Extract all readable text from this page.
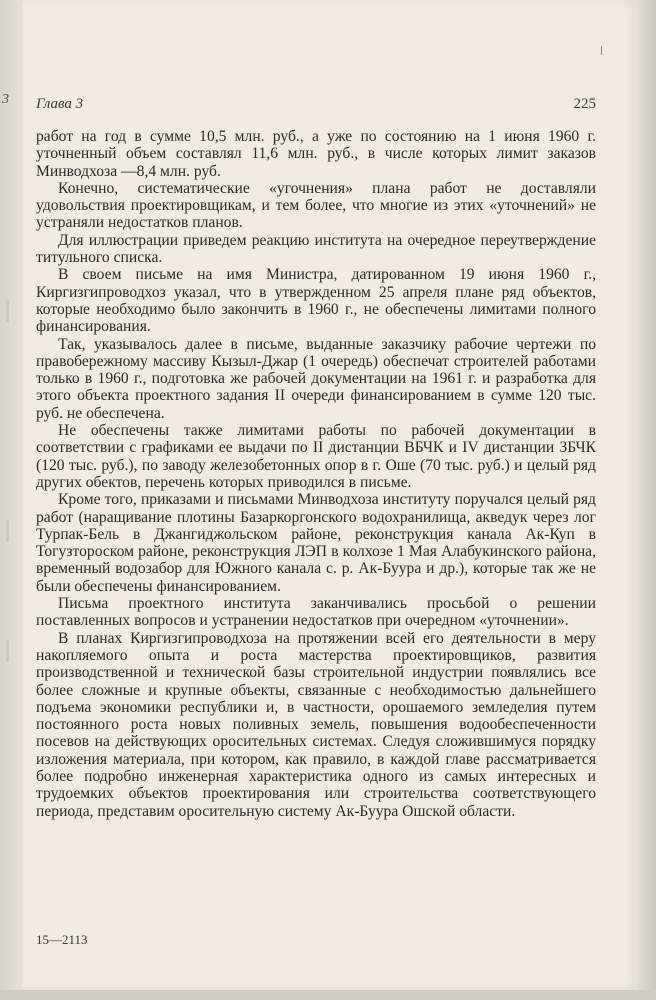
3 Глава 3	225

работ на год в сумме 10,5 млн. руб., а уже по состоянию на 1 июня 1960 г. уточненный объем составлял 11,6 млн. руб., в числе которых лимит заказов Минводхоза —8,4 млн. руб.

Конечно, систематические «угочнения» плана работ не доставляли удовольствия проектировщикам, и тем более, что многие из этих «уточнений» не устраняли недостатков планов.

Для иллюстрации приведем реакцию института на очередное переутверждение титульного списка.

В своем письме на имя Министра, датированном 19 июня 1960 г., Киргизгипроводхоз указал, что в утвержденном 25 апреля плане ряд объектов, которые необходимо было закончить в 1960 г., не обеспечены лимитами полного финансирования.

Так, указывалось далее в письме, выданные заказчику рабочие чертежи по правобережному массиву Кызыл-Джар (1 очередь) обеспечат строителей работами только в 1960 г., подготовка же рабочей документации на 1961 г. и разработка для этого объекта проектного задания II очереди финансированием в сумме 120 тыс. руб. не обеспечена.

Не обеспечены также лимитами работы по рабочей документации в соответствии с графиками ее выдачи по II дистанции ВБЧК и IV дистанции ЗБЧК (120 тыс. руб.), по заводу железобетонных опор в г. Оше (70 тыс. руб.) и целый ряд других обектов, перечень которых приводился в письме.

Кроме того, приказами и письмами Минводхоза институту поручался целый ряд работ (наращивание плотины Базаркоргонского водохранилища, акведук через лог Турпак-Бель в Джангиджольском районе, реконструкция канала Ак-Куп в Тогузтороском районе, реконструкция ЛЭП в колхозе 1 Мая Алабукинского района, временный водозабор для Южного канала с. р. Ак-Буура и др.), которые так же не были обеспечены финансированием.

Письма проектного института заканчивались просьбой о решении поставленных вопросов и устранении недостатков при очередном «уточнении».

В планах Киргизгипроводхоза на протяжении всей его деятельности в меру накопляемого опыта и роста мастерства проектировщиков, развития производственной и технической базы строительной индустрии появлялись все более сложные и крупные объекты, связанные с необходимостью дальнейшего подъема экономики республики и, в частности, орошаемого земледелия путем постоянного роста новых поливных земель, повышения водообеспеченности посевов на действующих оросительных системах. Следуя сложившимуся порядку изложения материала, при котором, как правило, в каждой главе рассматривается более подробно инженерная характеристика одного из самых интересных и трудоемких объектов проектирования или строительства соответствующего периода, представим оросительную систему Ак-Буура Ошской области.

15—2113
